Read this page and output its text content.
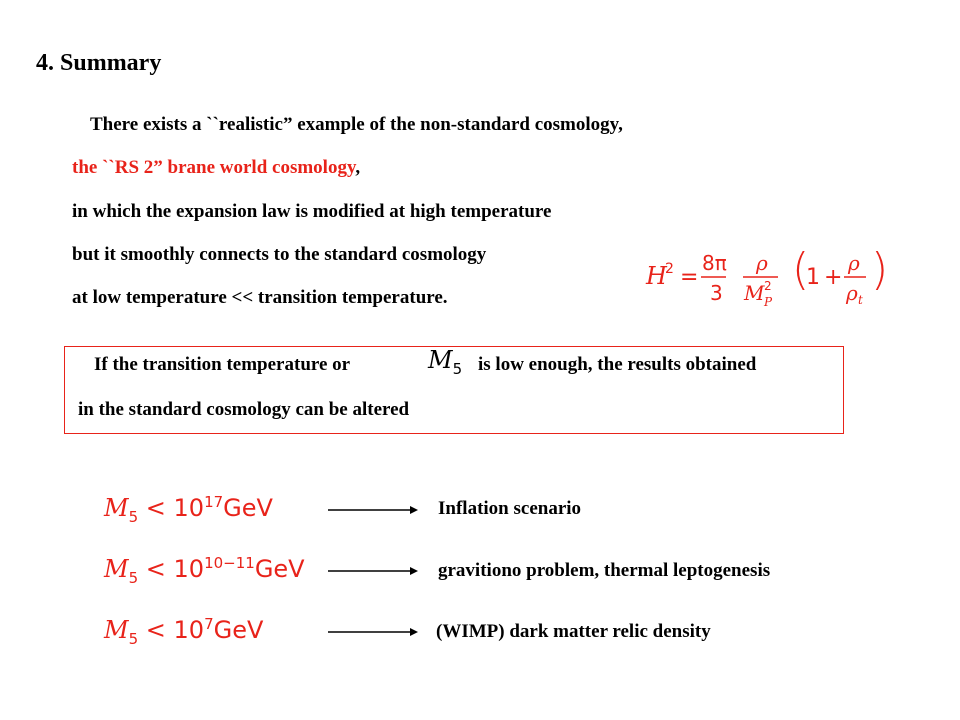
4. Summary
There exists a ``realistic” example of the non-standard cosmology,
the ``RS 2” brane world cosmology,
in which the expansion law is modified at high temperature
but it smoothly connects to the standard cosmology
at low temperature << transition temperature.
H
2 =
8π
3
ρ
M 2
P
(
1 +
ρ
ρ t
)
If the transition temperature or	$M_5$ is low enough, the results obtained
in the standard cosmology can be altered
$M_5 < 10^{17}GeV$	Inflation scenario
$M_5 < 10^{10-11}GeV$	gravitiono problem, thermal leptogenesis
$M_5 < 10^7GeV$	(WIMP) dark matter relic density
